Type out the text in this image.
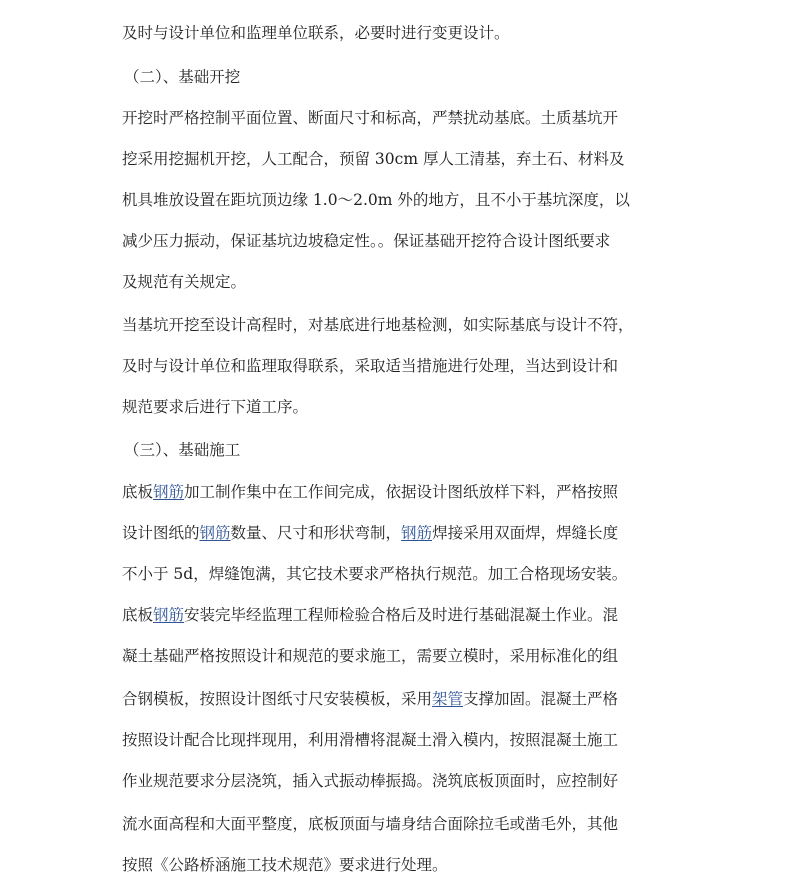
及时与设计单位和监理单位联系，必要时进行变更设计。
（二）、基础开挖
开挖时严格控制平面位置、断面尺寸和标高，严禁扰动基底。土质基坑开
挖采用挖掘机开挖，人工配合，预留 30cm 厚人工清基，弃土石、材料及
机具堆放设置在距坑顶边缘 1.0～2.0m 外的地方，且不小于基坑深度，以
减少压力振动，保证基坑边坡稳定性。。保证基础开挖符合设计图纸要求
及规范有关规定。
当基坑开挖至设计高程时，对基底进行地基检测，如实际基底与设计不符，
及时与设计单位和监理取得联系，采取适当措施进行处理，当达到设计和
规范要求后进行下道工序。
（三）、基础施工
底板钢筋加工制作集中在工作间完成，依据设计图纸放样下料，严格按照
设计图纸的钢筋数量、尺寸和形状弯制，钢筋焊接采用双面焊，焊缝长度
不小于 5d，焊缝饱满，其它技术要求严格执行规范。加工合格现场安装。
底板钢筋安装完毕经监理工程师检验合格后及时进行基础混凝土作业。混
凝土基础严格按照设计和规范的要求施工，需要立模时，采用标准化的组
合钢模板，按照设计图纸寸尺安装模板，采用架管支撑加固。混凝土严格
按照设计配合比现拌现用，利用滑槽将混凝土滑入模内，按照混凝土施工
作业规范要求分层浇筑，插入式振动棒振捣。浇筑底板顶面时，应控制好
流水面高程和大面平整度，底板顶面与墙身结合面除拉毛或凿毛外，其他
按照《公路桥涵施工技术规范》要求进行处理。
